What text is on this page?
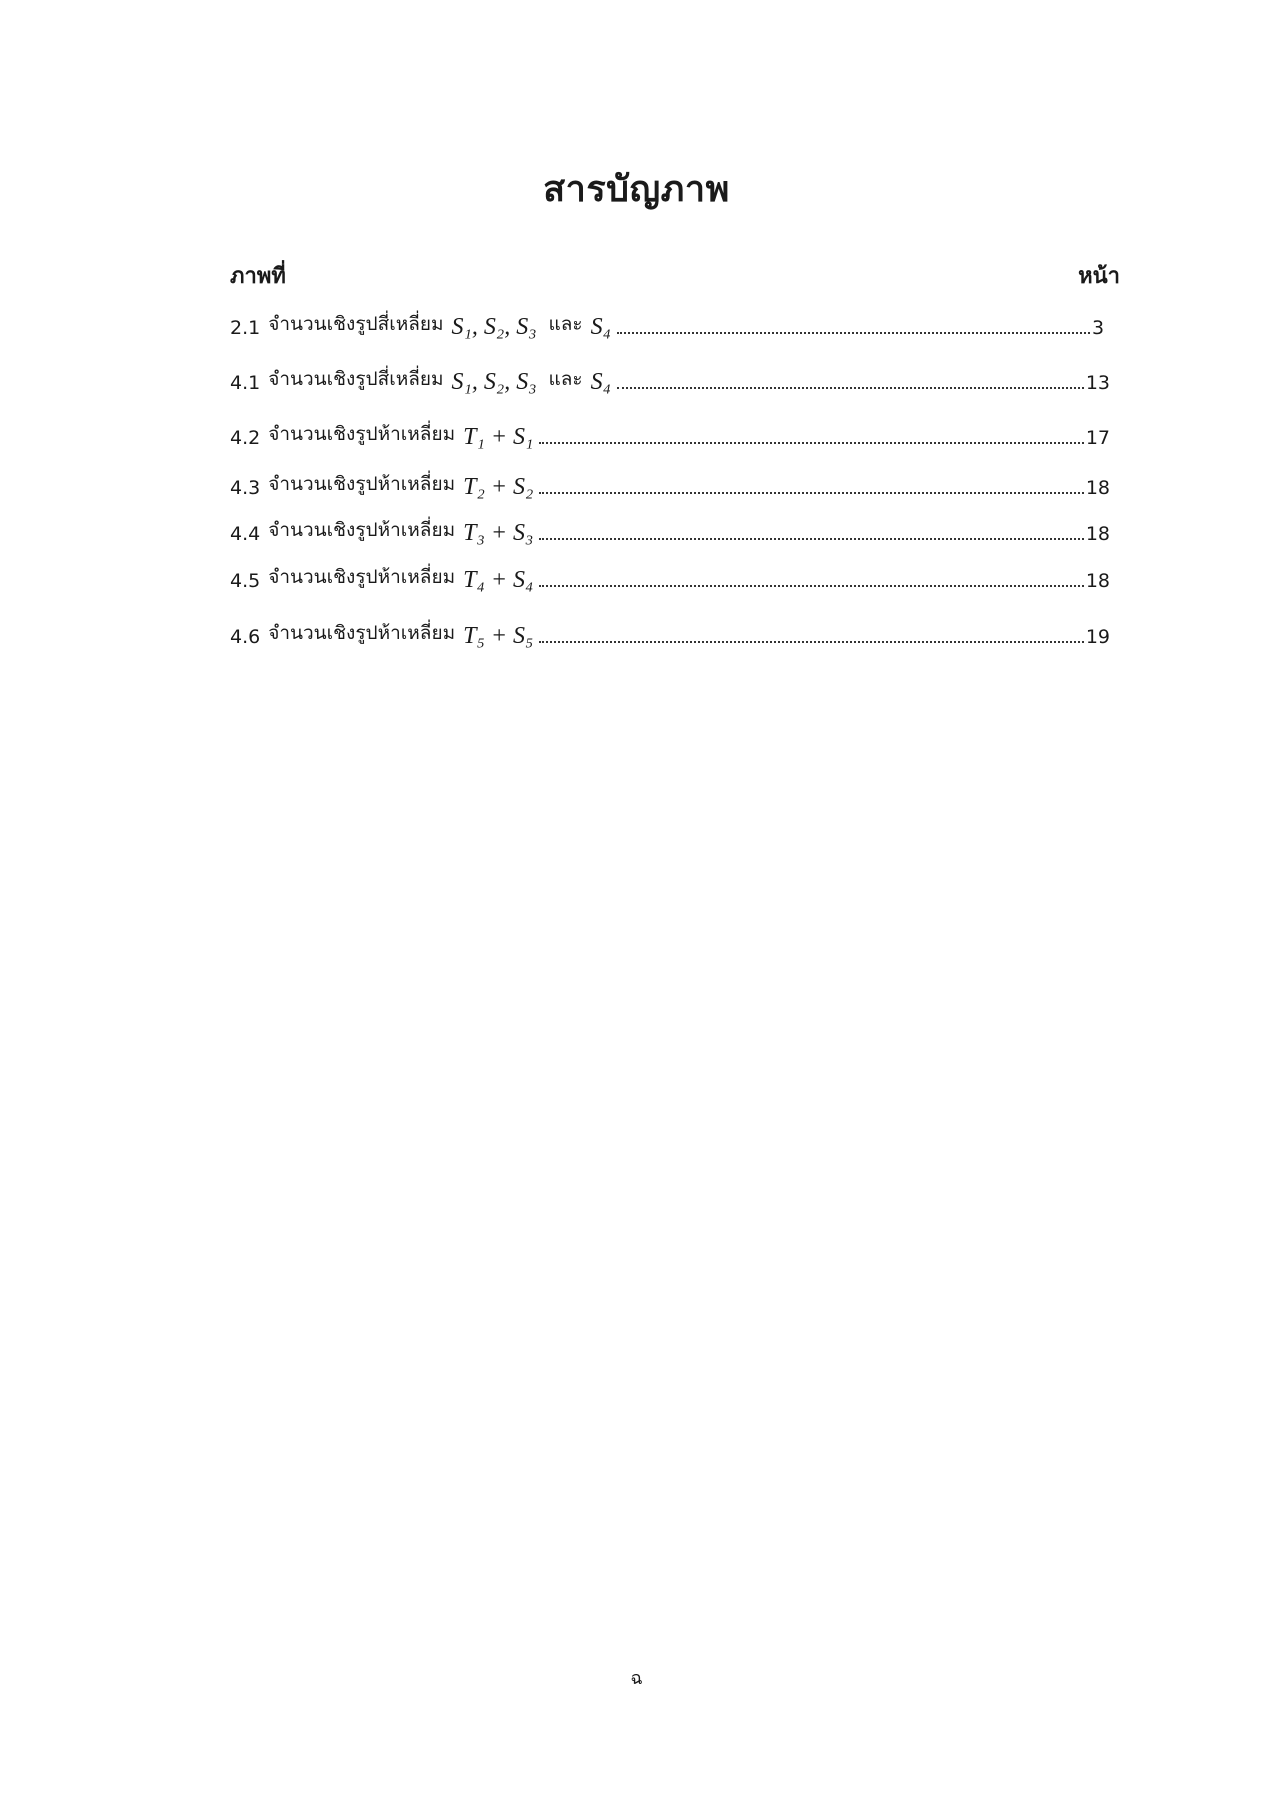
สารบัญภาพ
ภาพที่	หน้า
2.1 จำนวนเชิงรูปสี่เหลี่ยม S₁, S₂, S₃ และ S₄	3
4.1 จำนวนเชิงรูปสี่เหลี่ยม S₁, S₂, S₃ และ S₄	13
4.2 จำนวนเชิงรูปห้าเหลี่ยม T₁ + S₁	17
4.3 จำนวนเชิงรูปห้าเหลี่ยม T₂ + S₂	18
4.4 จำนวนเชิงรูปห้าเหลี่ยม T₃ + S₃	18
4.5 จำนวนเชิงรูปห้าเหลี่ยม T₄ + S₄	18
4.6 จำนวนเชิงรูปห้าเหลี่ยม T₅ + S₅	19
ฉ
